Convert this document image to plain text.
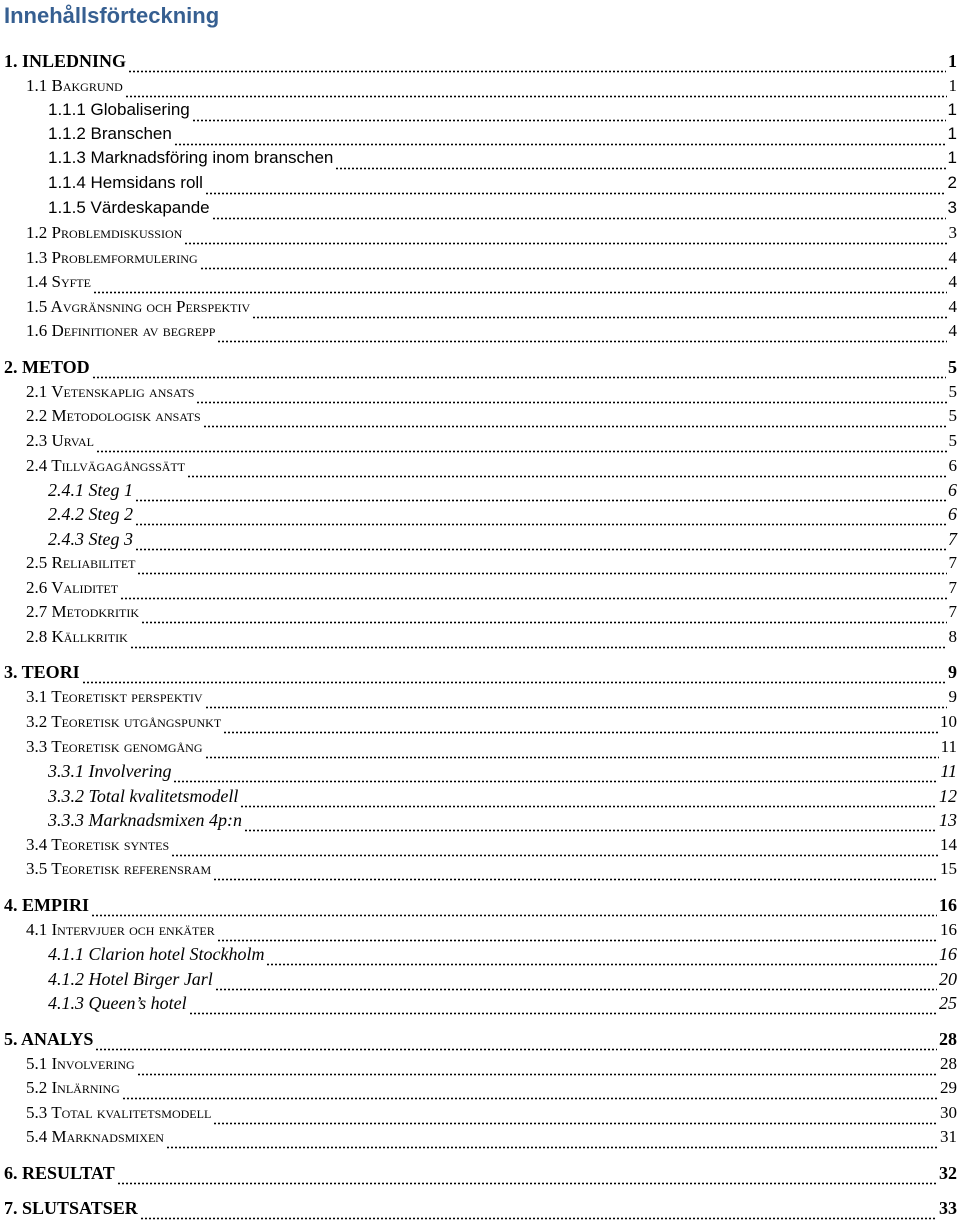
Innehållsförteckning
1. INLEDNING	1
1.1 Bakgrund	1
1.1.1 Globalisering	1
1.1.2 Branschen	1
1.1.3 Marknadsföring inom branschen	1
1.1.4 Hemsidans roll	2
1.1.5 Värdeskapande	3
1.2 Problemdiskussion	3
1.3 Problemformulering	4
1.4 Syfte	4
1.5 Avgränsning och Perspektiv	4
1.6 Definitioner av begrepp	4
2. METOD	5
2.1 Vetenskaplig ansats	5
2.2 Metodologisk ansats	5
2.3 Urval	5
2.4 Tillvägagångssätt	6
2.4.1 Steg 1	6
2.4.2 Steg 2	6
2.4.3 Steg 3	7
2.5 Reliabilitet	7
2.6 Validitet	7
2.7 Metodkritik	7
2.8 Källkritik	8
3. TEORI	9
3.1 Teoretiskt perspektiv	9
3.2 Teoretisk utgångspunkt	10
3.3 Teoretisk genomgång	11
3.3.1 Involvering	11
3.3.2 Total kvalitetsmodell	12
3.3.3 Marknadsmixen 4p:n	13
3.4 Teoretisk syntes	14
3.5 Teoretisk referensram	15
4. EMPIRI	16
4.1 Intervjuer och enkäter	16
4.1.1 Clarion hotel Stockholm	16
4.1.2 Hotel Birger Jarl	20
4.1.3 Queen’s hotel	25
5. ANALYS	28
5.1 Involvering	28
5.2 Inlärning	29
5.3 Total kvalitetsmodell	30
5.4 Marknadsmixen	31
6. RESULTAT	32
7. SLUTSATSER	33
